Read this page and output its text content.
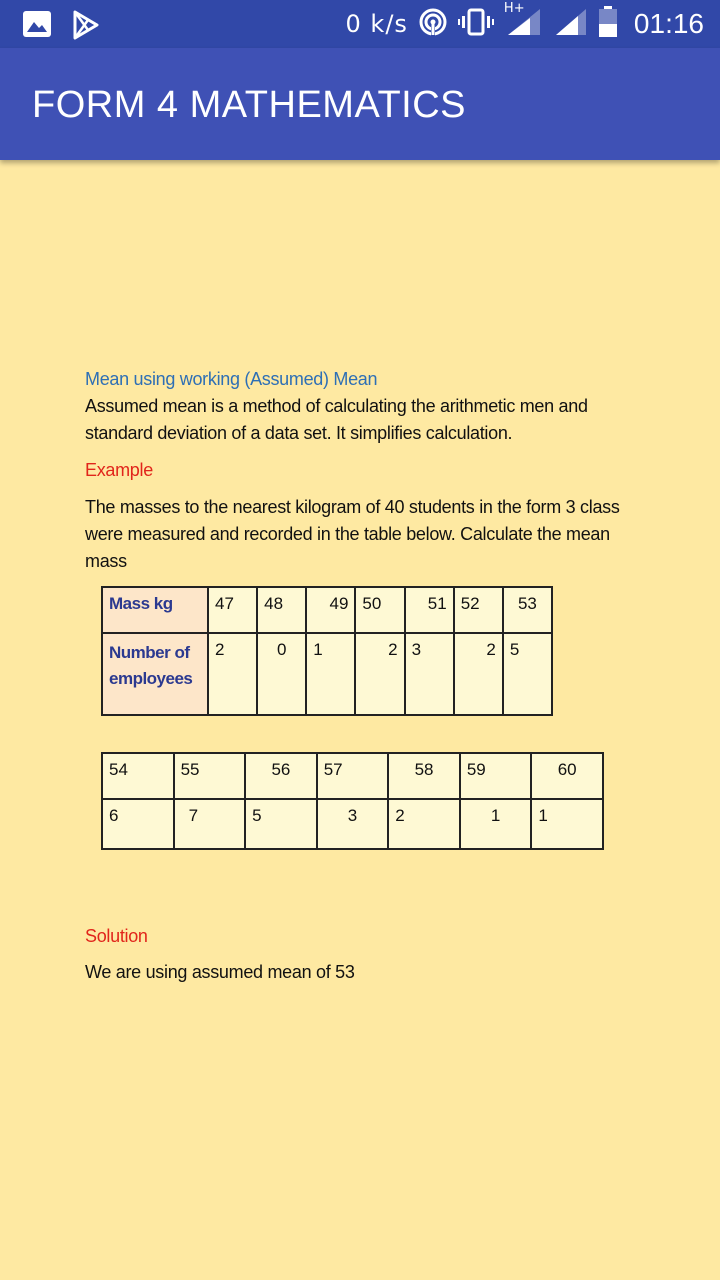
0 k/s
H+	01:16
FORM 4 MATHEMATICS
Mean using working (Assumed) Mean
Assumed mean is a method of calculating the arithmetic men and standard deviation of a data set. It simplifies calculation.
Example
The masses to the nearest kilogram of 40 students in the form 3 class were measured and recorded in the table below. Calculate the mean mass
Mass kg	47	48	49	50	51	52	53
Number of employees	2	0	1	2	3	2	5
54	55	56	57	58	59	60
6	7	5	3	2	1	1
Solution
We are using assumed mean of 53
